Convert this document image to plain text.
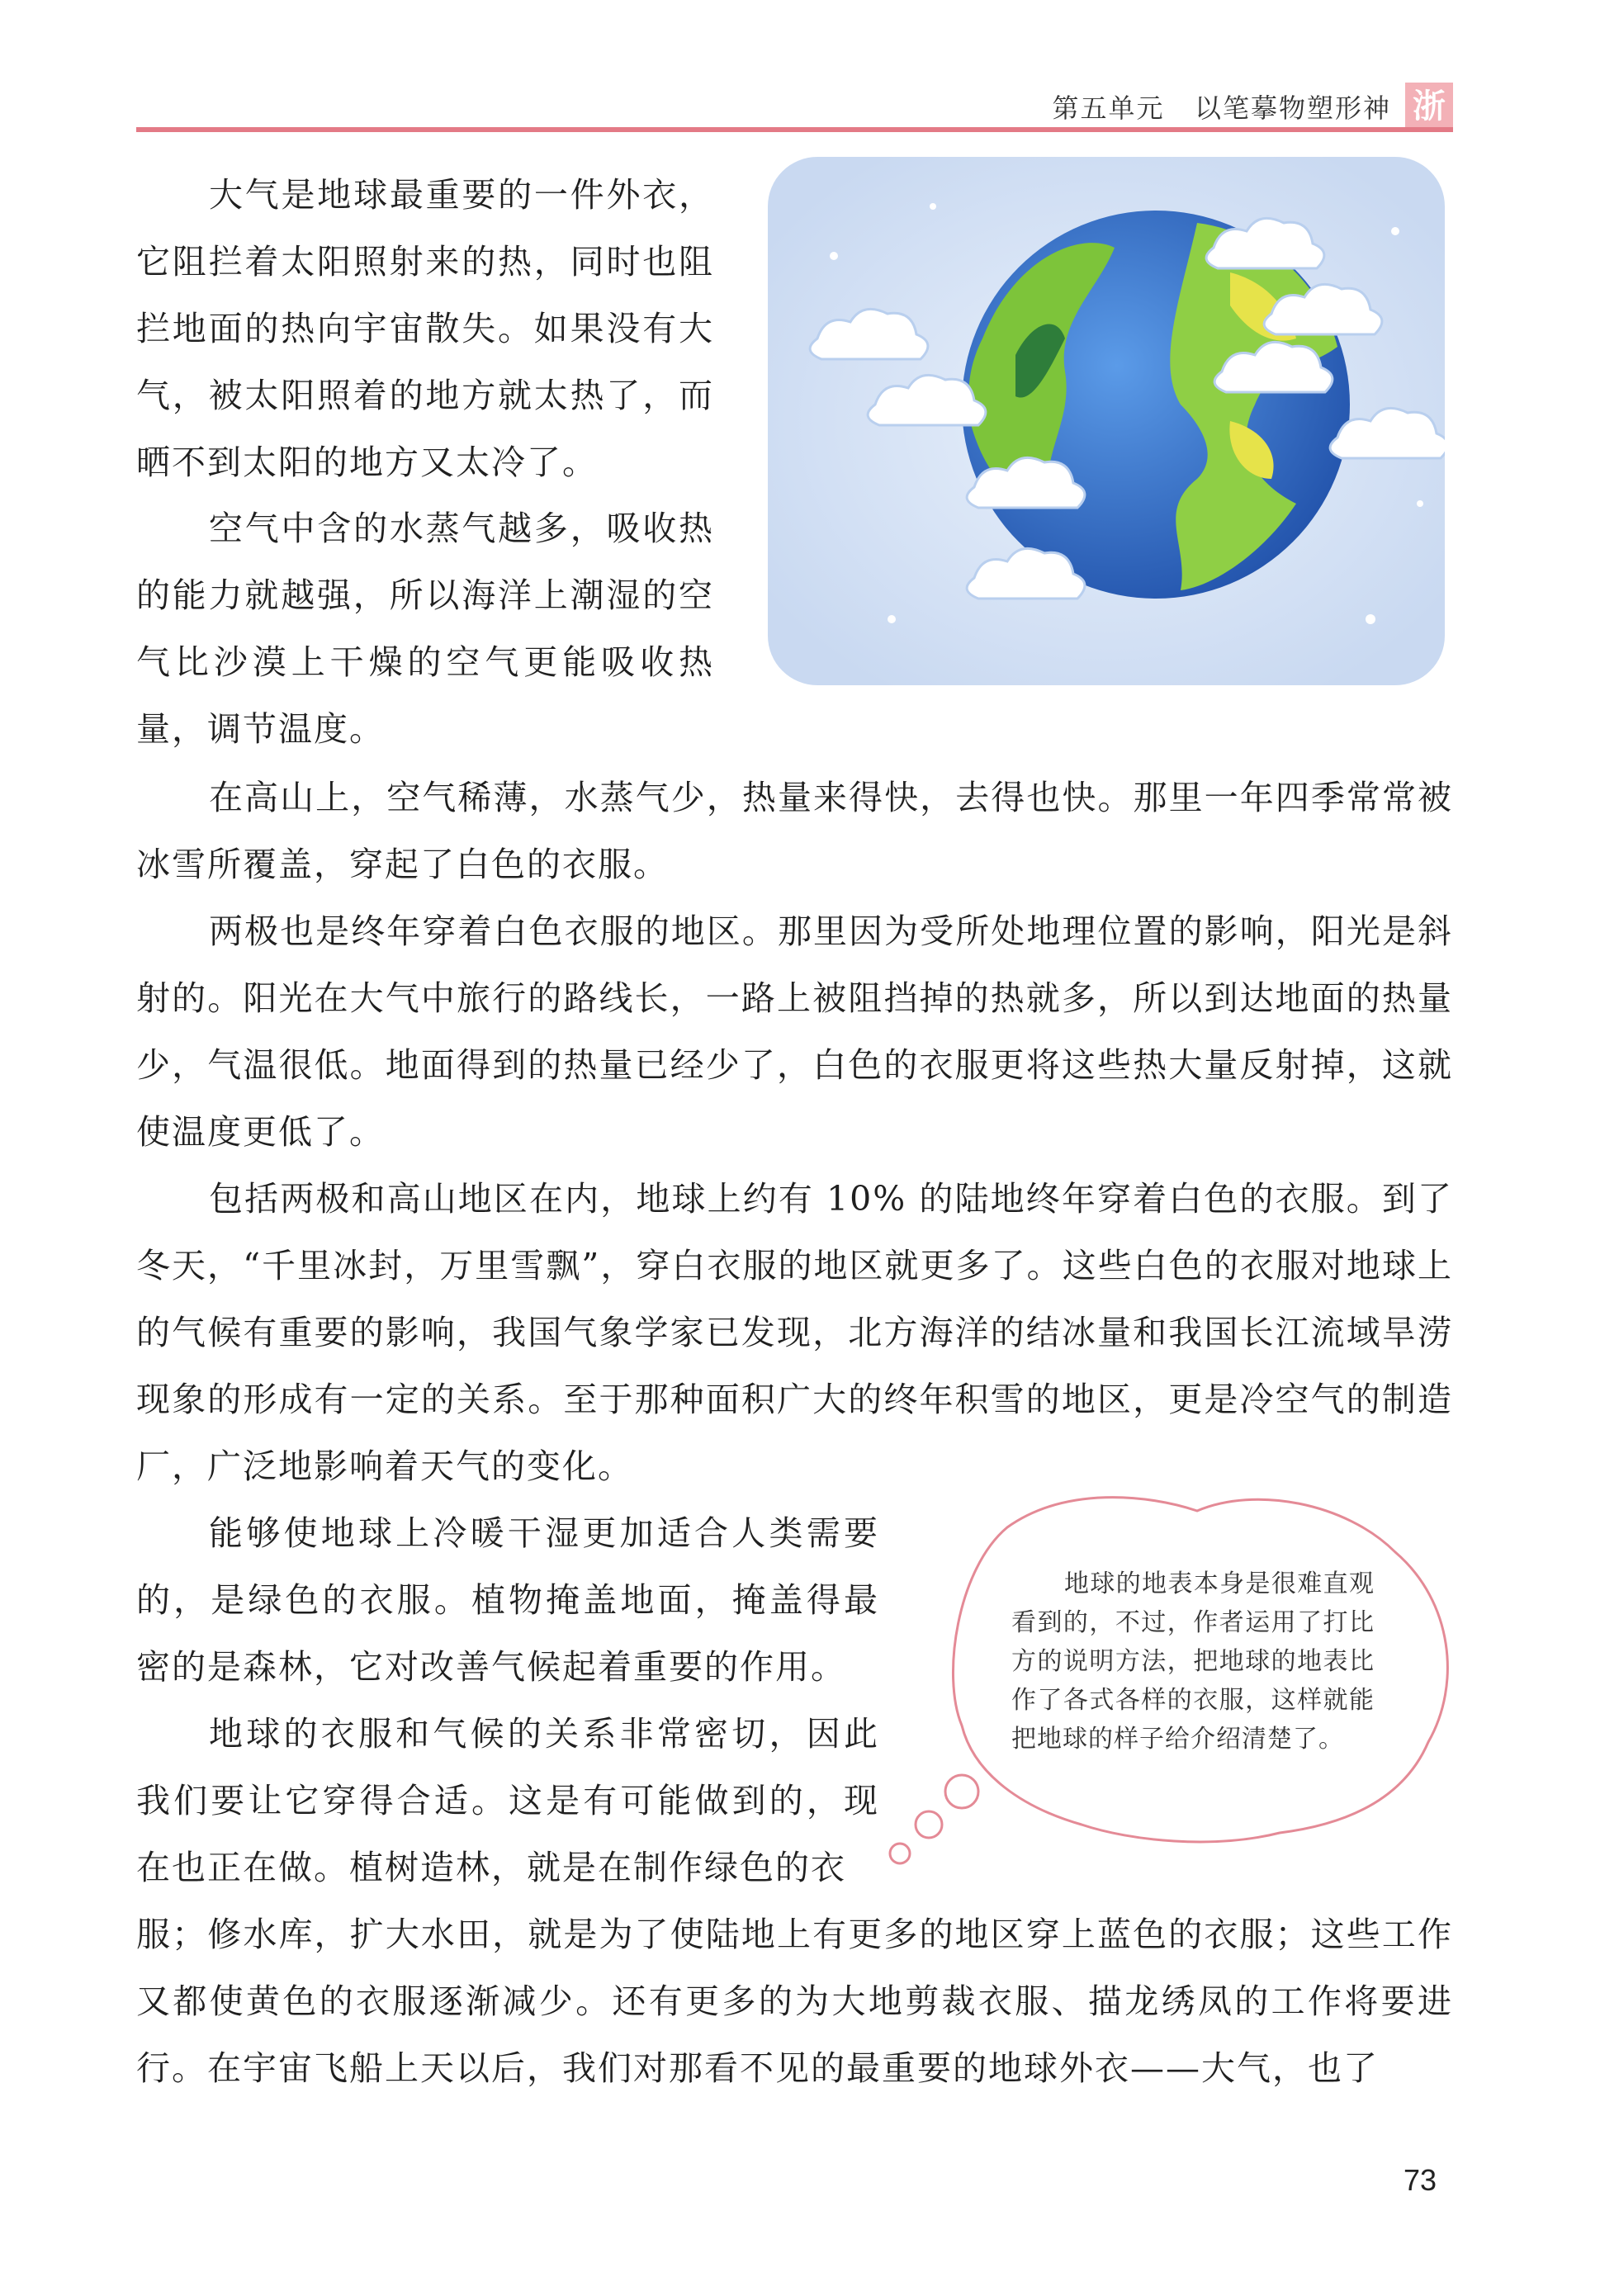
第五单元 以笔摹物塑形神 浙

大气是地球最重要的一件外衣，它阻拦着太阳照射来的热，同时也阻拦地面的热向宇宙散失。如果没有大气，被太阳照着的地方就太热了，而晒不到太阳的地方又太冷了。

空气中含的水蒸气越多，吸收热的能力就越强，所以海洋上潮湿的空气比沙漠上干燥的空气更能吸收热量，调节温度。

在高山上，空气稀薄，水蒸气少，热量来得快，去得也快。那里一年四季常常被冰雪所覆盖，穿起了白色的衣服。

两极也是终年穿着白色衣服的地区。那里因为受所处地理位置的影响，阳光是斜射的。阳光在大气中旅行的路线长，一路上被阻挡掉的热就多，所以到达地面的热量少，气温很低。地面得到的热量已经少了，白色的衣服更将这些热大量反射掉，这就使温度更低了。

包括两极和高山地区在内，地球上约有 10% 的陆地终年穿着白色的衣服。到了冬天，“千里冰封，万里雪飘”，穿白衣服的地区就更多了。这些白色的衣服对地球上的气候有重要的影响，我国气象学家已发现，北方海洋的结冰量和我国长江流域旱涝现象的形成有一定的关系。至于那种面积广大的终年积雪的地区，更是冷空气的制造厂，广泛地影响着天气的变化。

能够使地球上冷暖干湿更加适合人类需要的，是绿色的衣服。植物掩盖地面，掩盖得最密的是森林，它对改善气候起着重要的作用。

地球的衣服和气候的关系非常密切，因此我们要让它穿得合适。这是有可能做到的，现在也正在做。植树造林，就是在制作绿色的衣

服；修水库，扩大水田，就是为了使陆地上有更多的地区穿上蓝色的衣服；这些工作又都使黄色的衣服逐渐减少。还有更多的为大地剪裁衣服、描龙绣凤的工作将要进行。在宇宙飞船上天以后，我们对那看不见的最重要的地球外衣——大气，也了

地球的地表本身是很难直观看到的，不过，作者运用了打比方的说明方法，把地球的地表比作了各式各样的衣服，这样就能把地球的样子给介绍清楚了。

73
